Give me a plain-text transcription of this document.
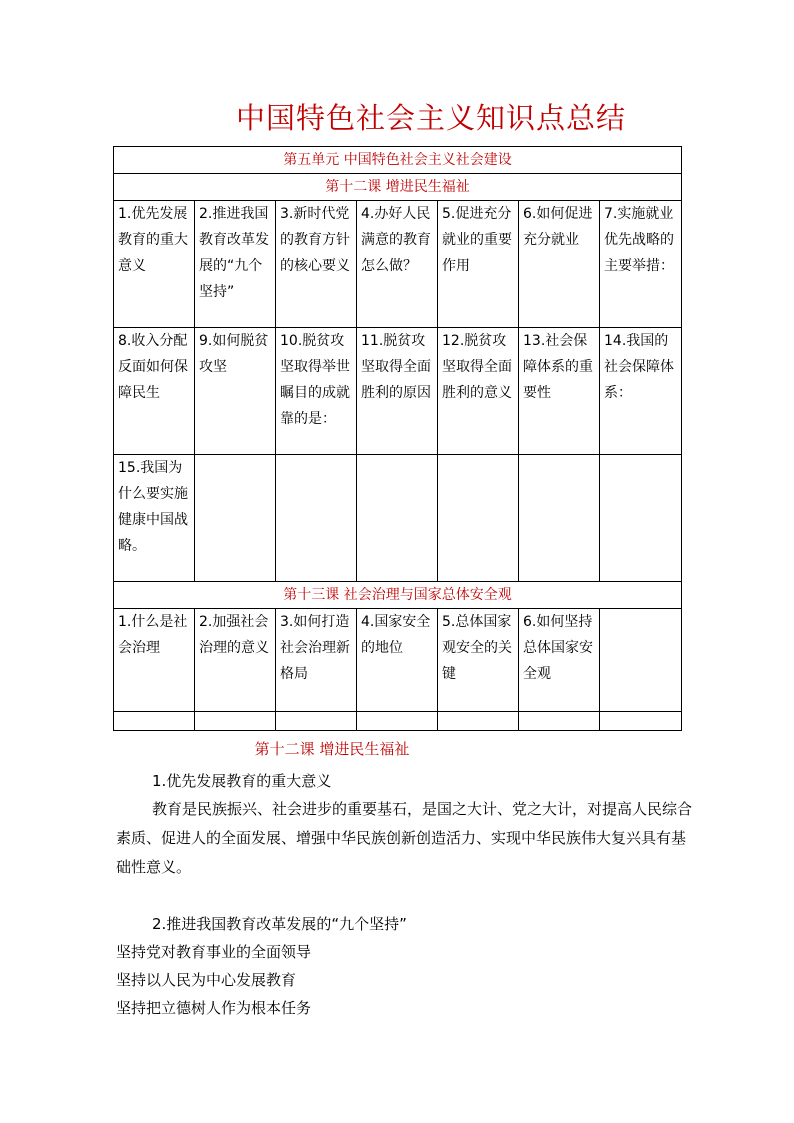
中国特色社会主义知识点总结
第五单元 中国特色社会主义社会建设						
第十二课 增进民生福祉						
1.优先发展教育的重大意义	2.推进我国教育改革发展的“九个坚持”	3.新时代党的教育方针的核心要义	4.办好人民满意的教育怎么做？	5.促进充分就业的重要作用	6.如何促进充分就业	7.实施就业优先战略的主要举措：
8.收入分配反面如何保障民生	9.如何脱贫攻坚	10.脱贫攻坚取得举世瞩目的成就靠的是：	11.脱贫攻坚取得全面胜利的原因	12.脱贫攻坚取得全面胜利的意义	13.社会保障体系的重要性	14.我国的社会保障体系：
15.我国为什么要实施健康中国战略。						
第十三课 社会治理与国家总体安全观						
1.什么是社会治理	2.加强社会治理的意义	3.如何打造社会治理新格局	4.国家安全的地位	5.总体国家观安全的关键	6.如何坚持总体国家安全观	

第十二课 增进民生福祉

1.优先发展教育的重大意义

教育是民族振兴、社会进步的重要基石，是国之大计、党之大计，对提高人民综合素质、促进人的全面发展、增强中华民族创新创造活力、实现中华民族伟大复兴具有基础性意义。

2.推进我国教育改革发展的“九个坚持”

坚持党对教育事业的全面领导

坚持以人民为中心发展教育

坚持把立德树人作为根本任务
